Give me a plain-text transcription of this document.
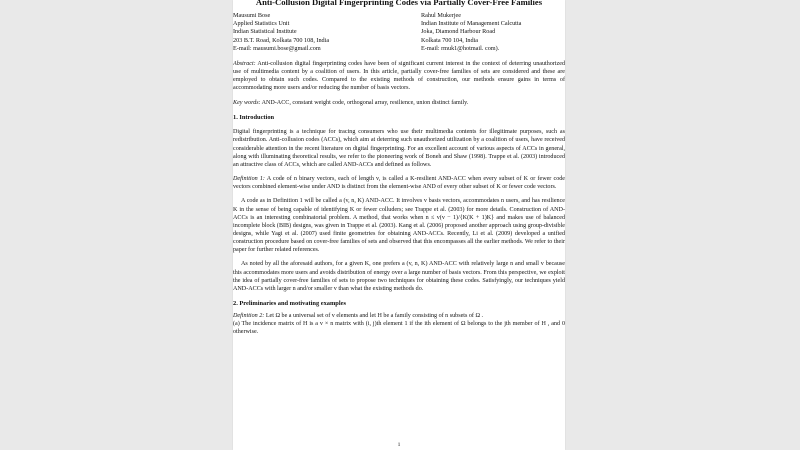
Anti-Collusion Digital Fingerprinting Codes via Partially Cover-Free Families
Mausumi Bose
Applied Statistics Unit
Indian Statistical Institute
203 B.T. Road, Kolkata 700 108, India
E-mail: mausumi.bose@gmail.com
Rahul Mukerjee
Indian Institute of Management Calcutta
Joka, Diamond Harbour Road
Kolkata 700 104, India
E-mail: rmuk1@hotmail. com).

Abstract: Anti-collusion digital fingerprinting codes have been of significant current interest in the context of deterring unauthorized use of multimedia content by a coalition of users. In this article, partially cover-free families of sets are considered and these are employed to obtain such codes. Compared to the existing methods of construction, our methods ensure gains in terms of accommodating more users and/or reducing the number of basis vectors.

Key words: AND-ACC, constant weight code, orthogonal array, resilience, union distinct family.

1. Introduction

Digital fingerprinting is a technique for tracing consumers who use their multimedia contents for illegitimate purposes, such as redistribution. Anti-collusion codes (ACCs), which aim at deterring such unauthorized utilization by a coalition of users, have received considerable attention in the recent literature on digital fingerprinting. For an excellent account of various aspects of ACCs in general, along with illuminating theoretical results, we refer to the pioneering work of Boneh and Shaw (1998). Trappe et al. (2003) introduced an attractive class of ACCs, which are called AND-ACCs and defined as follows.

Definition 1: A code of n binary vectors, each of length v, is called a K-resilient AND-ACC when every subset of K or fewer code vectors combined element-wise under AND is distinct from the element-wise AND of every other subset of K or fewer code vectors.

A code as in Definition 1 will be called a (v, n, K) AND-ACC. It involves v basis vectors, accommodates n users, and has resilience K in the sense of being capable of identifying K or fewer colluders; see Trappe et al. (2003) for more details. Construction of AND-ACCs is an interesting combinatorial problem. A method, that works when n ≤ v(v − 1)/{K(K + 1)K} and makes use of balanced incomplete block (BIB) designs, was given in Trappe et al. (2003). Kang et al. (2006) proposed another approach using group-divisible designs, while Yagi et al. (2007) used finite geometries for obtaining AND-ACCs. Recently, Li et al. (2009) developed a unified construction procedure based on cover-free families of sets and observed that this encompasses all the earlier methods. We refer to their paper for further related references.

As noted by all the aforesaid authors, for a given K, one prefers a (v, n, K) AND-ACC with relatively large n and small v because this accommodates more users and avoids distribution of energy over a large number of basis vectors. From this perspective, we exploit the idea of partially cover-free families of sets to propose two techniques for obtaining these codes. Satisfyingly, our techniques yield AND-ACCs with larger n and/or smaller v than what the existing methods do.

2. Preliminaries and motivating examples

Definition 2: Let Ω be a universal set of v elements and let H be a family consisting of n subsets of Ω .

(a) The incidence matrix of H is a v × n matrix with (i, j)th element 1 if the ith element of Ω belongs to the jth member of H , and 0 otherwise.

1
